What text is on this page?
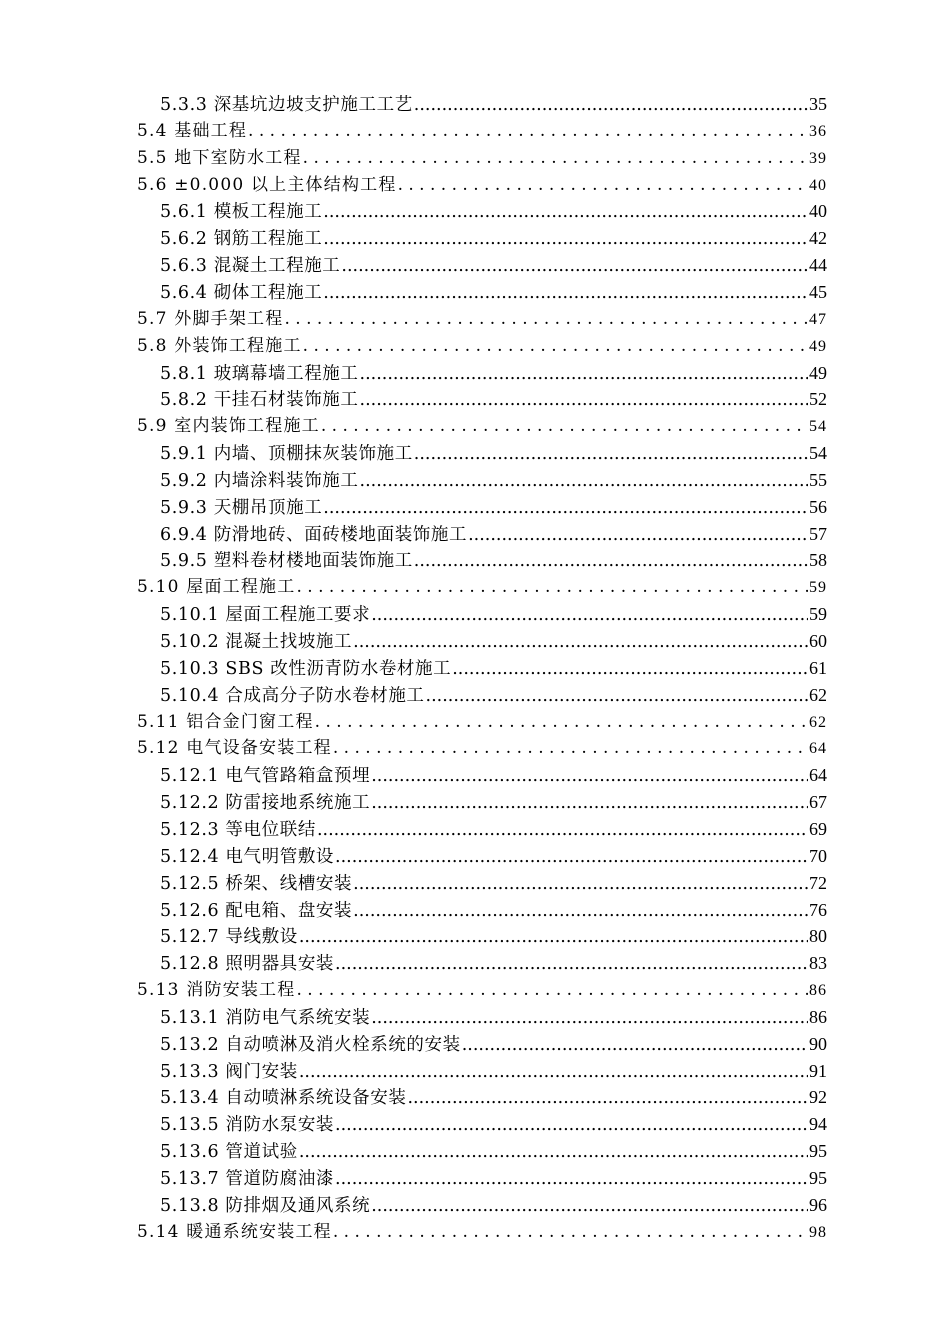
5.3.3 深基坑边坡支护施工工艺 .....	35
5.4 基础工程 . . .	36
5.5 地下室防水工程 . . .	39
5.6 ±0.000 以上主体结构工程 . . .	40
5.6.1 模板工程施工 .....	40
5.6.2 钢筋工程施工 .....	42
5.6.3 混凝土工程施工 .....	44
5.6.4 砌体工程施工 .....	45
5.7 外脚手架工程 . . .	47
5.8 外装饰工程施工 . . .	49
5.8.1 玻璃幕墙工程施工 .....	49
5.8.2 干挂石材装饰施工 .....	52
5.9 室内装饰工程施工 . . .	54
5.9.1 内墙、顶棚抹灰装饰施工 .....	54
5.9.2 内墙涂料装饰施工 .....	55
5.9.3 天棚吊顶施工 .....	56
6.9.4 防滑地砖、面砖楼地面装饰施工 .....	57
5.9.5 塑料卷材楼地面装饰施工 .....	58
5.10 屋面工程施工 . . .	59
5.10.1 屋面工程施工要求 .....	59
5.10.2 混凝土找坡施工 .....	60
5.10.3 SBS 改性沥青防水卷材施工 .....	61
5.10.4 合成高分子防水卷材施工 .....	62
5.11 铝合金门窗工程 . . .	62
5.12 电气设备安装工程 . . .	64
5.12.1 电气管路箱盒预埋 .....	64
5.12.2 防雷接地系统施工 .....	67
5.12.3 等电位联结 .....	69
5.12.4 电气明管敷设 .....	70
5.12.5 桥架、线槽安装 .....	72
5.12.6 配电箱、盘安装 .....	76
5.12.7 导线敷设 .....	80
5.12.8 照明器具安装 .....	83
5.13 消防安装工程 . . .	86
5.13.1 消防电气系统安装 .....	86
5.13.2 自动喷淋及消火栓系统的安装 .....	90
5.13.3 阀门安装 .....	91
5.13.4 自动喷淋系统设备安装 .....	92
5.13.5 消防水泵安装 .....	94
5.13.6 管道试验 .....	95
5.13.7 管道防腐油漆 .....	95
5.13.8 防排烟及通风系统 .....	96
5.14 暖通系统安装工程 . . .	98
